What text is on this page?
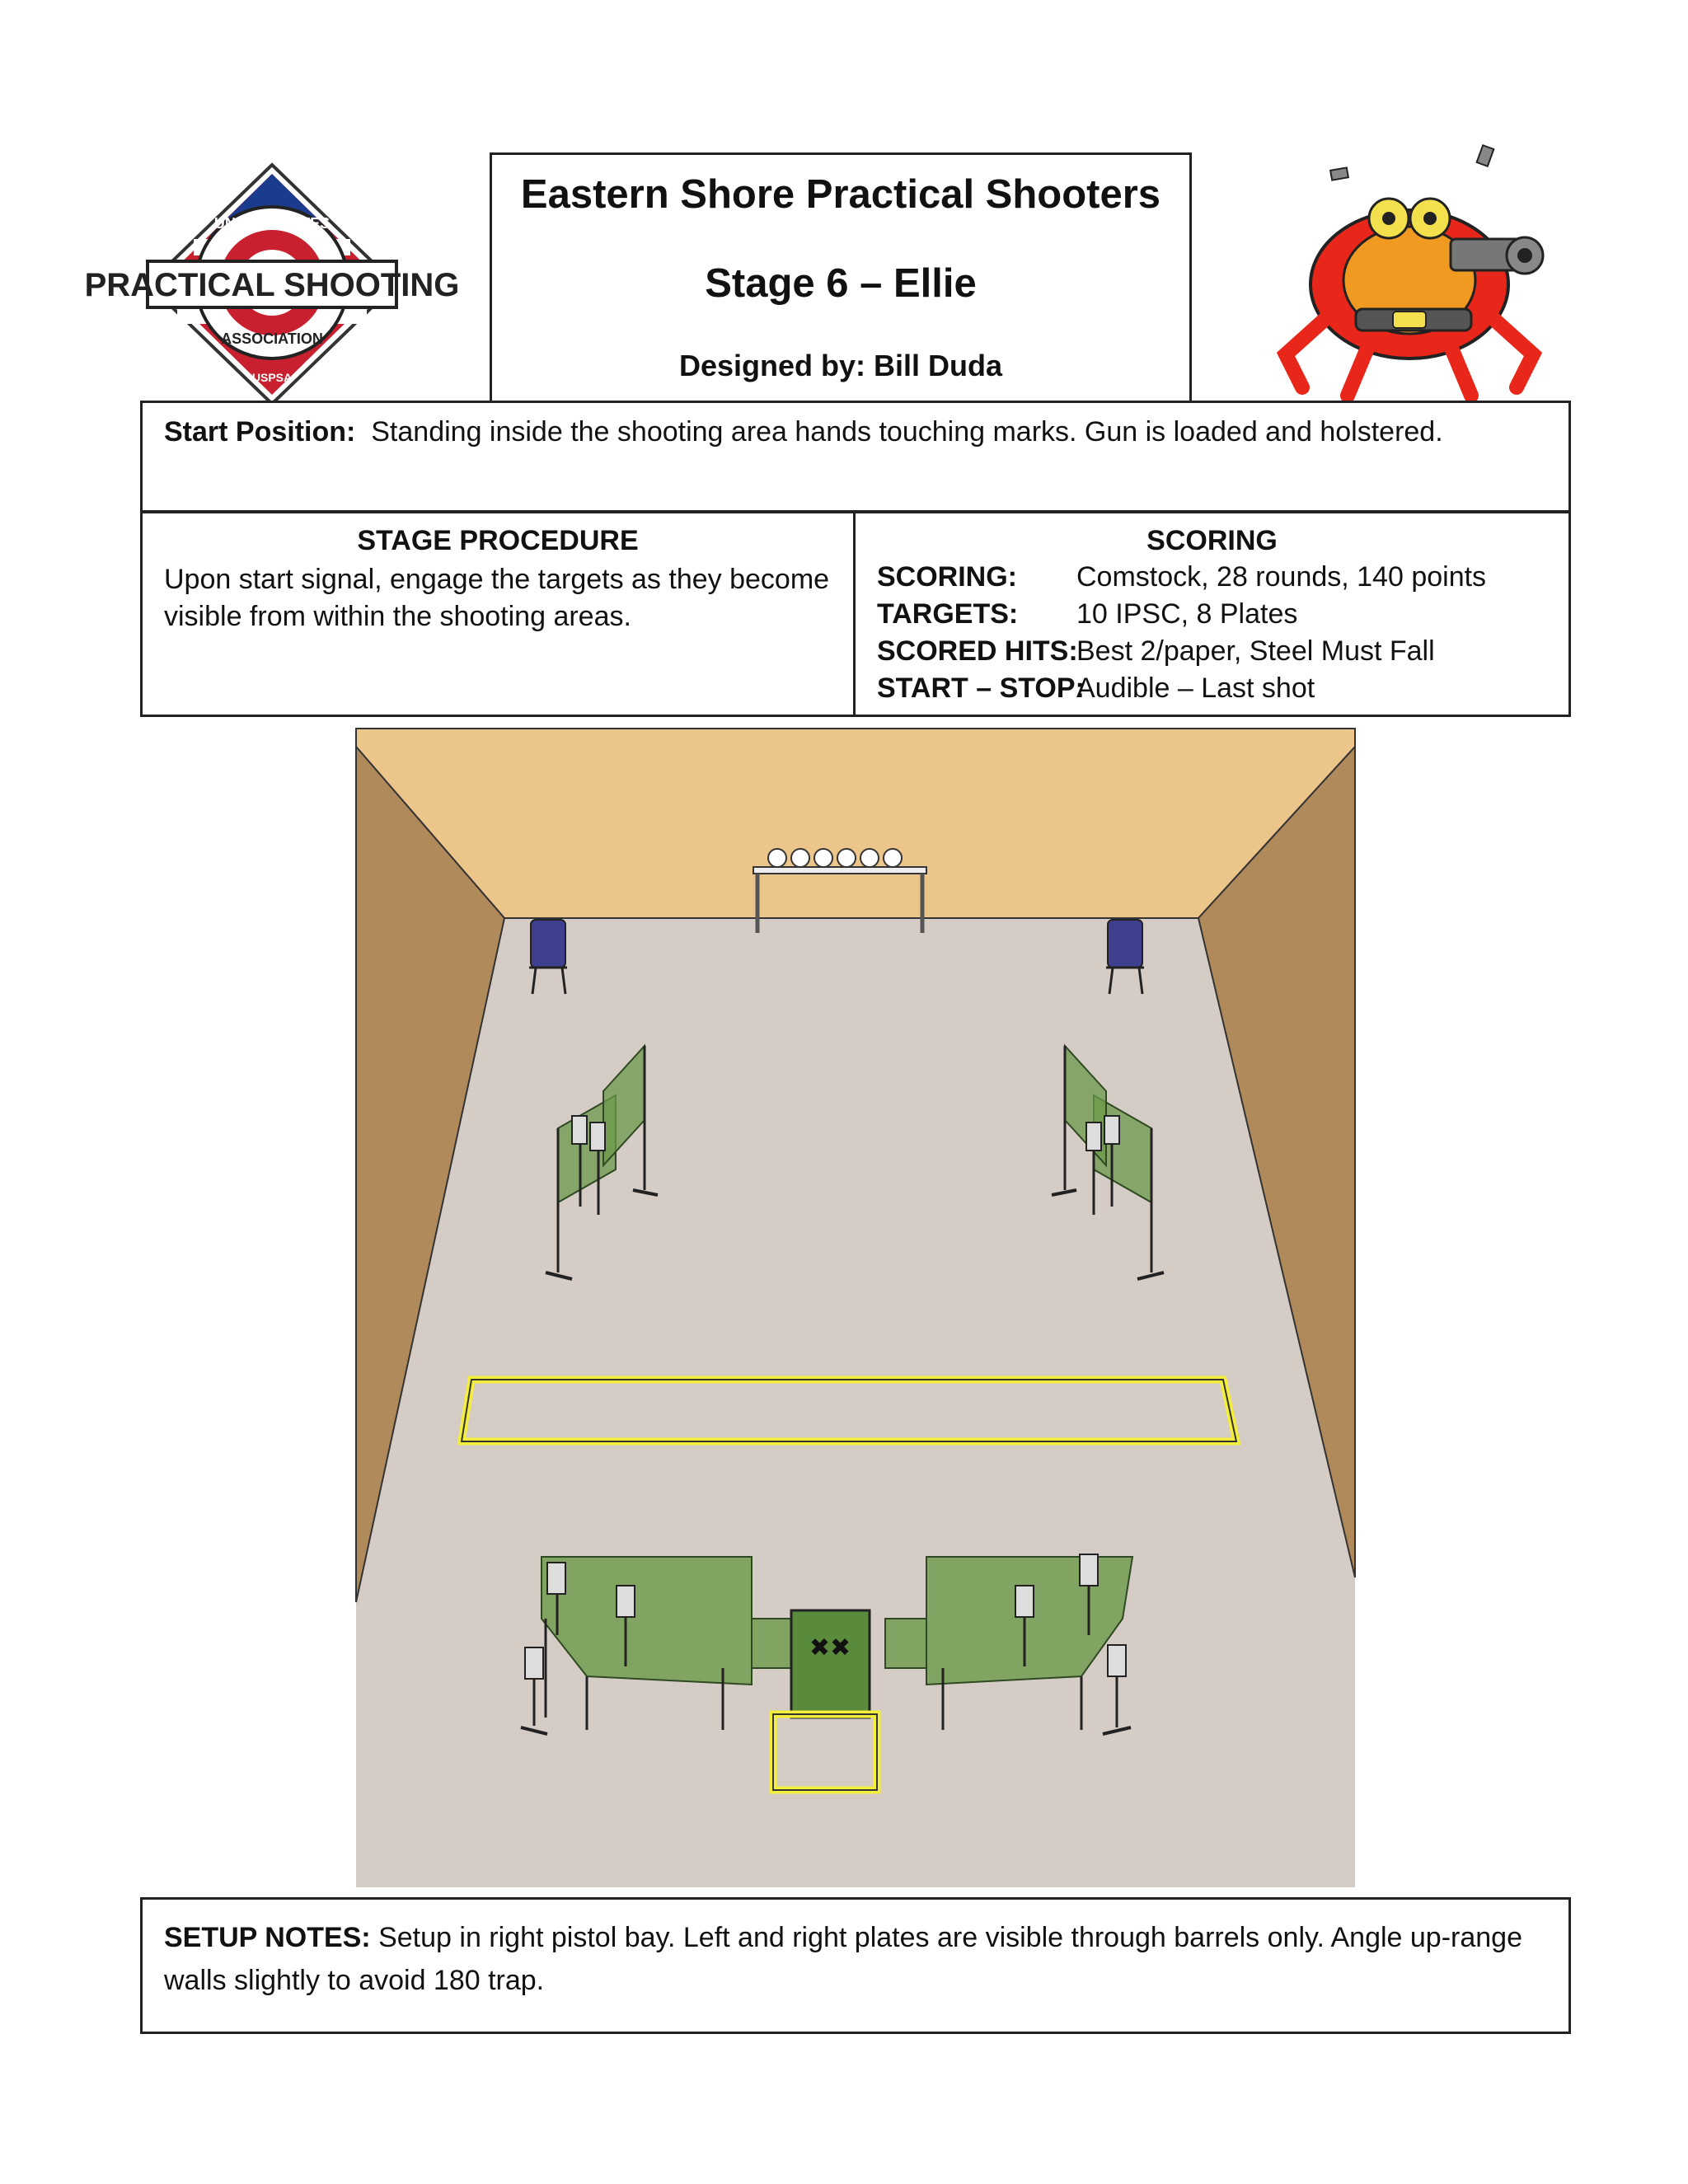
PRACTICAL SHOOTING
UNITED STATES
ASSOCIATION
USPSA
Eastern Shore Practical Shooters
Stage 6 – Ellie
Designed by: Bill Duda
Start Position: Standing inside the shooting area hands touching marks. Gun is loaded and holstered.
STAGE PROCEDURE
Upon start signal, engage the targets as they become visible from within the shooting areas.
SCORING
SCORING: Comstock, 28 rounds, 140 points
TARGETS: 10 IPSC, 8 Plates
SCORED HITS:Best 2/paper, Steel Must Fall
START – STOP:Audible – Last shot
✖✖
SETUP NOTES: Setup in right pistol bay. Left and right plates are visible through barrels only. Angle up-range walls slightly to avoid 180 trap.
